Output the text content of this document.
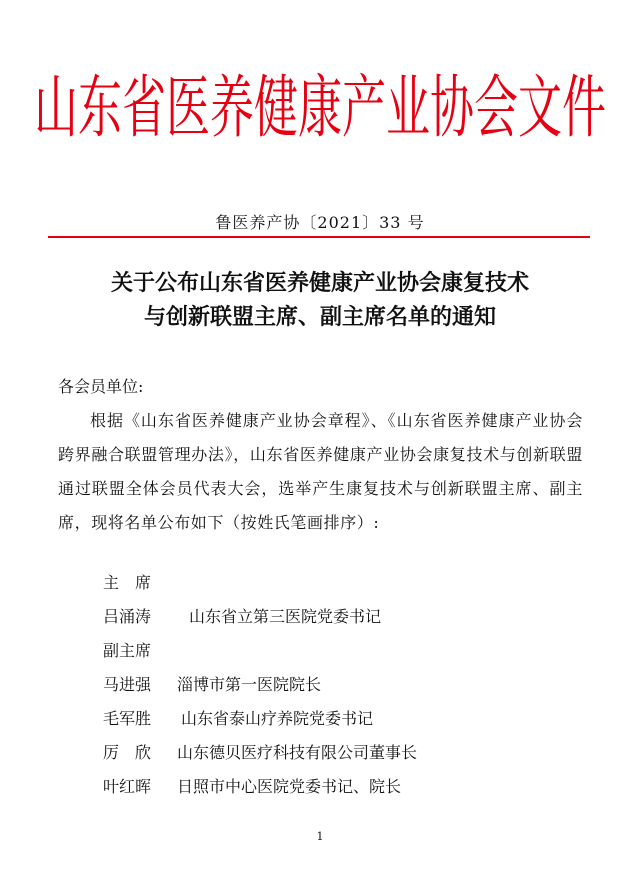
山东省医养健康产业协会文件
鲁医养产协〔2021〕33 号
关于公布山东省医养健康产业协会康复技术
与创新联盟主席、副主席名单的通知
各会员单位:
根据《山东省医养健康产业协会章程》、《山东省医养健康产业协会跨界融合联盟管理办法》，山东省医养健康产业协会康复技术与创新联盟通过联盟全体会员代表大会，选举产生康复技术与创新联盟主席、副主席，现将名单公布如下（按姓氏笔画排序）:
主　席
吕涌涛	山东省立第三医院党委书记
副主席
马进强	淄博市第一医院院长
毛军胜	山东省泰山疗养院党委书记
厉　欣	山东德贝医疗科技有限公司董事长
叶红晖	日照市中心医院党委书记、院长
1
